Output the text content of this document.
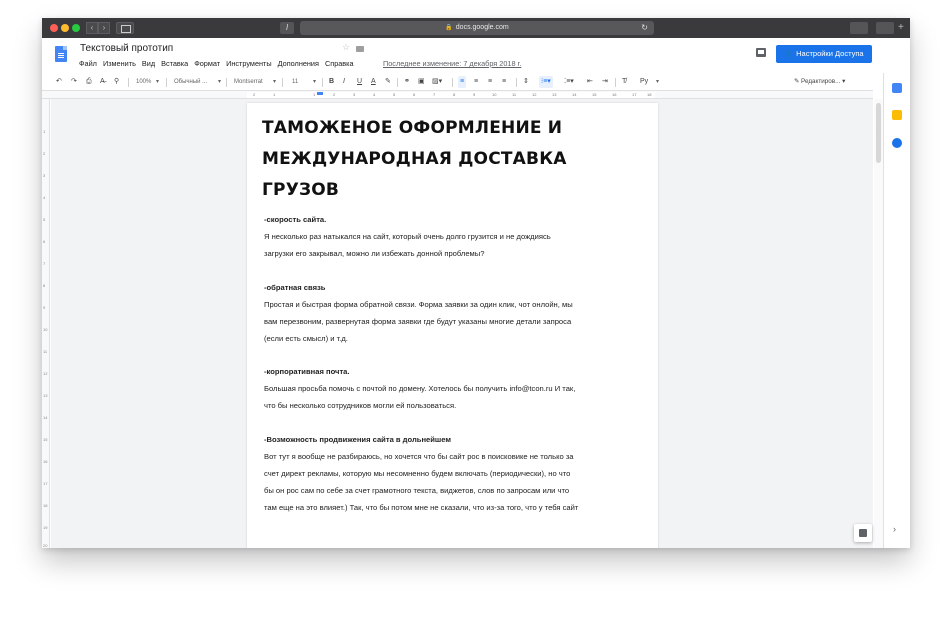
‹	›	l	🔒 docs.google.com	↻	+
Текстовый прототип	☆
Файл Изменить Вид Вставка Формат Инструменты Дополнения Справка	Последнее изменение: 7 декабря 2018 г.
👤 Настройки Доступа
↶ ↷ ⎙ A̶ ⚲	100% ▾ Обычный ... ▾ Montserrat ▾	11 ▾ B I U A ✎ ⚭ ▣ ▨▾	≡ ≡ ≡ ≡ ⇕ ⁝≡▾ ⁚≡▾ ⇤ ⇥ T̸ Ру ▾	✎ Редактиров... ▾
2	1	1	2	3	4	5	6	7	8	9	10	11	12	13	14	15	16	17	18
1
2
3
4
5
6
7
8
9
10
11
12
13
14
15
16
17
18
19
20
ТАМОЖЕНОЕ ОФОРМЛЕНИЕ И
МЕЖДУНАРОДНАЯ ДОСТАВКА
ГРУЗОВ
-скорость сайта.
Я несколько раз натыкался на сайт, который очень долго грузится и не дождиясь
загрузки его закрывал, можно ли избежать донной проблемы?
-обратная связь
Простая и быстрая форма обратной связи. Форма заявки за один клик, чот онлойн, мы
вам перезвоним, развернутая форма заявки где будут указаны многие детали запроса
(если есть смысл) и т.д.
-корпоративная почта.
Большая просьба помочь с почтой по домену. Хотелось бы получить info@tcon.ru И так,
что бы несколько сотрудников могли ей пользоваться.
-Возможность продвижения сайта в дольнейшем
Вот тут я вообще не разбираюсь, но хочется что бы сайт рос в поисковике не только за
счет директ рекламы, которую мы несомненно будем включать (периодически), но что
бы он рос сам по себе за счет грамотного текста, виджетов, слов по запросам или что
там еще на это влияет.) Так, что бы потом мне не сказали, что из-за того, что у тебя сайт
›
